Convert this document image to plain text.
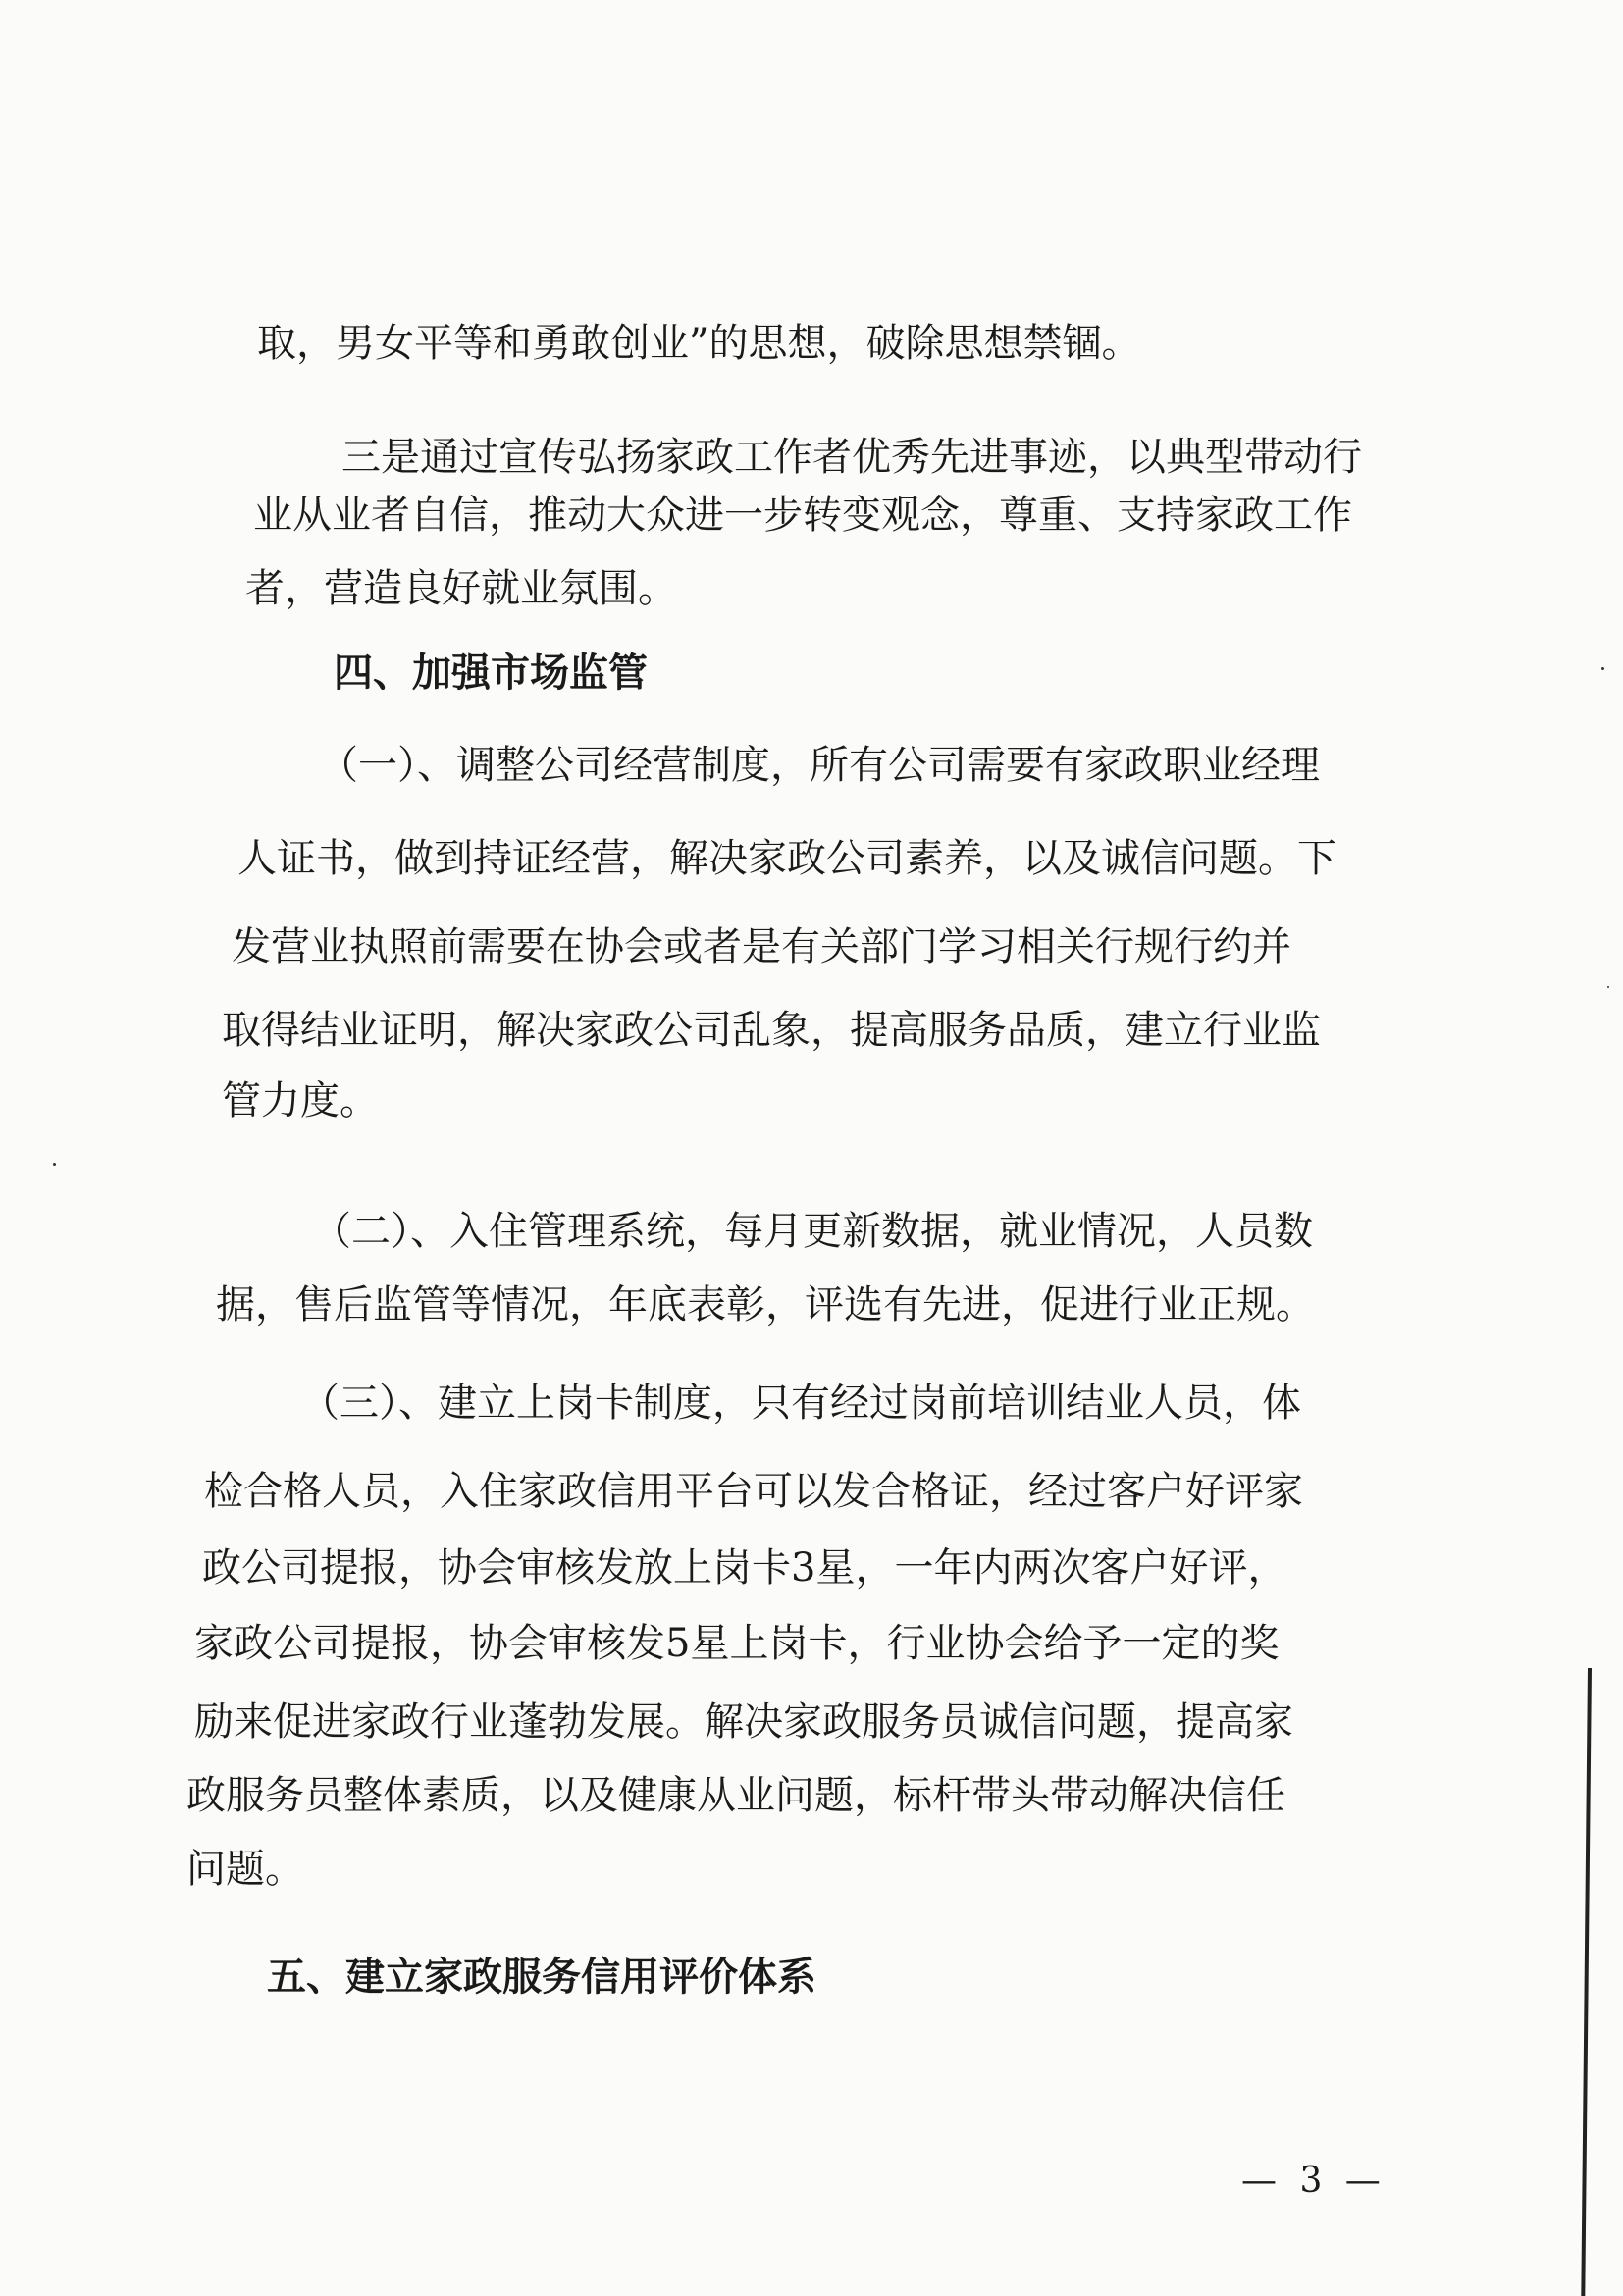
取，男女平等和勇敢创业”的思想，破除思想禁锢。
三是通过宣传弘扬家政工作者优秀先进事迹，以典型带动行
业从业者自信，推动大众进一步转变观念，尊重、支持家政工作
者，营造良好就业氛围。
四、加强市场监管
（一）、调整公司经营制度，所有公司需要有家政职业经理
人证书，做到持证经营，解决家政公司素养，以及诚信问题。下
发营业执照前需要在协会或者是有关部门学习相关行规行约并
取得结业证明，解决家政公司乱象，提高服务品质，建立行业监
管力度。
（二）、入住管理系统，每月更新数据，就业情况，人员数
据，售后监管等情况，年底表彰，评选有先进，促进行业正规。
（三）、建立上岗卡制度，只有经过岗前培训结业人员，体
检合格人员，入住家政信用平台可以发合格证，经过客户好评家
政公司提报，协会审核发放上岗卡3星，一年内两次客户好评，
家政公司提报，协会审核发5星上岗卡，行业协会给予一定的奖
励来促进家政行业蓬勃发展。解决家政服务员诚信问题，提高家
政服务员整体素质，以及健康从业问题，标杆带头带动解决信任
问题。
五、建立家政服务信用评价体系
— 3 —
